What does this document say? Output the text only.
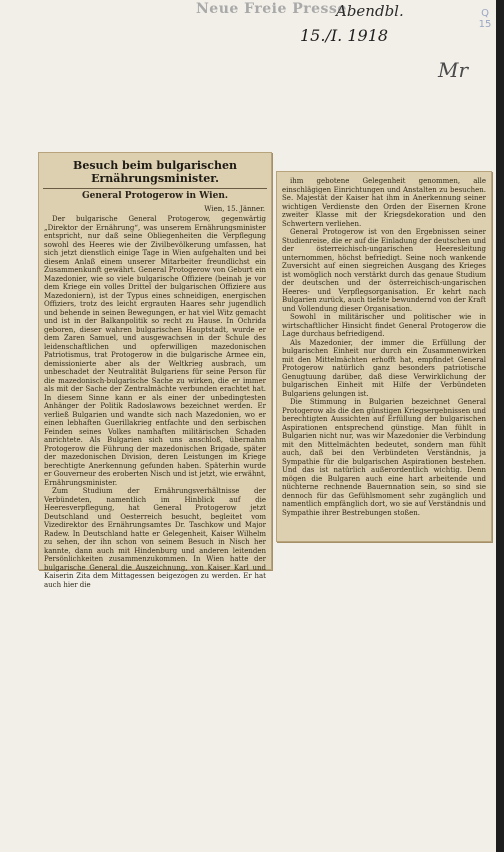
Neue Freie Presse
Abendbl.
15./I. 1918
Q 15
Mr
Besuch beim bulgarischen Ernährungsminister.
General Protogerow in Wien.
Wien, 15. Jänner.

Der bulgarische General Protogerow, gegenwärtig „Direktor der Ernährung“, was unserem Ernährungsminister entspricht, nur daß seine Obliegenheiten die Verpflegung sowohl des Heeres wie der Zivilbevölkerung umfassen, hat sich jetzt dienstlich einige Tage in Wien aufgehalten und bei diesem Anlaß einem unserer Mitarbeiter freundlichst ein Zusammenkunft gewährt. General Protogerow von Geburt ein Mazedonier, wie so viele bulgarische Offiziere (beinah je vor dem Kriege ein volles Drittel der bulgarischen Offiziere aus Mazedoniern), ist der Typus eines schneidigen, energischen Offiziers, trotz des leicht ergrauten Haares sehr jugendlich und behende in seinen Bewegungen, er hat viel Witz gemacht und ist in der Balkanpolitik so recht zu Hause. In Ochrida geboren, dieser wahren bulgarischen Hauptstadt, wurde er dem Zaren Samuel, und ausgewachsen in der Schule des leidenschaftlichen und opferwilligen mazedonischen Patriotismus, trat Protogerow in die bulgarische Armee ein, demissionierte aber als der Weltkrieg ausbrach, um unbeschadet der Neutralität Bulgariens für seine Person für die mazedonisch-bulgarische Sache zu wirken, die er immer als mit der Sache der Zentralmächte verbunden erachtet hat. In diesem Sinne kann er als einer der unbedingtesten Anhänger der Politik Radoslawows bezeichnet werden. Er verließ Bulgarien und wandte sich nach Mazedonien, wo er einen lebhaften Guerillakrieg entfachte und den serbischen Feinden seines Volkes namhaften militärischen Schaden anrichtete. Als Bulgarien sich uns anschloß, übernahm Protogerow die Führung der mazedonischen Brigade, später der mazedonischen Division, deren Leistungen im Kriege berechtigte Anerkennung gefunden haben. Späterhin wurde er Gouverneur des eroberten Nisch und ist jetzt, wie erwähnt, Ernährungsminister.

Zum Studium der Ernährungsverhältnisse der Verbündeten, namentlich im Hinblick auf die Heeresverpflegung, hat General Protogerow jetzt Deutschland und Oesterreich besucht, begleitet vom Vizedirektor des Ernährungsamtes Dr. Taschkow und Major Radew. In Deutschland hatte er Gelegenheit, Kaiser Wilhelm zu sehen, der ihn schon von seinem Besuch in Nisch her kannte, dann auch mit Hindenburg und anderen leitenden Persönlichkeiten zusammenzukommen. In Wien hatte der bulgarische General die Auszeichnung, von Kaiser Karl und Kaiserin Zita dem Mittagessen beigezogen zu werden. Er hat auch hier die

ihm gebotene Gelegenheit genommen, alle einschlägigen Einrichtungen und Anstalten zu besuchen. Se. Majestät der Kaiser hat ihm in Anerkennung seiner wichtigen Verdienste den Orden der Eisernen Krone zweiter Klasse mit der Kriegsdekoration und den Schwertern verliehen.

General Protogerow ist von den Ergebnissen seiner Studienreise, die er auf die Einladung der deutschen und der österreichisch-ungarischen Heeresleitung unternommen, höchst befriedigt. Seine noch wankende Zuversicht auf einen siegreichen Ausgang des Krieges ist womöglich noch verstärkt durch das genaue Studium der deutschen und der österreichisch-ungarischen Heeres- und Verpflegsorganisation. Er kehrt nach Bulgarien zurück, auch tiefste bewundernd von der Kraft und Vollendung dieser Organisation.

Sowohl in militärischer und politischer wie in wirtschaftlicher Hinsicht findet General Protogerow die Lage durchaus befriedigend.

Als Mazedonier, der immer die Erfüllung der bulgarischen Einheit nur durch ein Zusammenwirken mit den Mittelmächten erhofft hat, empfindet General Protogerow natürlich ganz besonders patriotische Genugtuung darüber, daß diese Verwirklichung der bulgarischen Einheit mit Hilfe der Verbündeten Bulgariens gelungen ist.

Die Stimmung in Bulgarien bezeichnet General Protogerow als die den günstigen Kriegsergebnissen und berechtigten Aussichten auf Erfüllung der bulgarischen Aspirationen entsprechend günstige. Man fühlt in Bulgarien nicht nur, was wir Mazedonier die Verbindung mit den Mittelmächten bedeutet, sondern man fühlt auch, daß bei den Verbündeten Verständnis, ja Sympathie für die bulgarischen Aspirationen bestehen. Und das ist natürlich außerordentlich wichtig. Denn mögen die Bulgaren auch eine hart arbeitende und nüchterne rechnende Bauernnation sein, so sind sie dennoch für das Gefühlsmoment sehr zugänglich und namentlich empfänglich dort, wo sie auf Verständnis und Sympathie ihrer Bestrebungen stoßen.
